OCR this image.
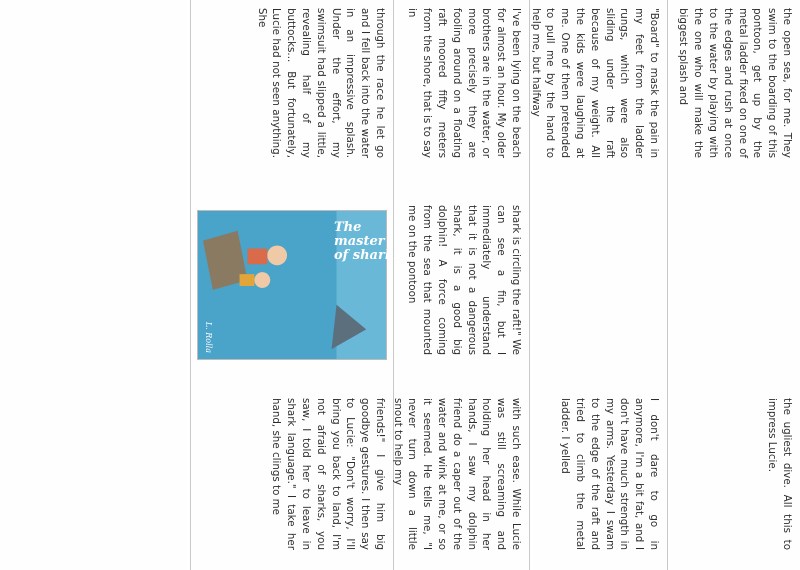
the open sea, for me. They swim to the boarding of this pontoon, get up by the metal ladder fixed on one of the edges and rush at once to the water by playing with the one who will make the biggest splash and
the ugliest dive. All this to impress Lucie.
"Board" to mask the pain in my feet from the ladder rungs, which were also sliding under the raft because of my weight. All the kids were laughing at me. One of them pretended to pull me by the hand to help me, but halfway
I don't dare to go in anymore, I'm a bit fat, and I don't have much strength in my arms. Yesterday I swam to the edge of the raft and tried to climb the metal ladder. I yelled
I've been lying on the beach for almost an hour. My older brothers are in the water, or more precisely they are fooling around on a floating raft moored fifty meters from the shore, that is to say in
shark is circling the raft!" We can see a fin, but I immediately understand that it is not a dangerous shark, it is a good big dolphin! A force coming from the sea that mounted me on the pontoon
with such ease. While Lucie was still screaming and holding her head in her hands, I saw my dolphin friend do a caper out of the water and wink at me, or so it seemed. He tells me, "I never turn down a little snout to help my
The
master
of sharks
L. Rolla
through the race he let go and I fell back into the water in an impressive splash. Under the effort, my swimsuit had slipped a little, revealing half of my buttocks... But fortunately, Lucie had not seen anything. She
friends!" I give him big goodbye gestures. I then say to Lucie: "Don't worry, I'll bring you back to land, I'm not afraid of sharks, you saw, I told her to leave in shark language." I take her hand, she clings to me
